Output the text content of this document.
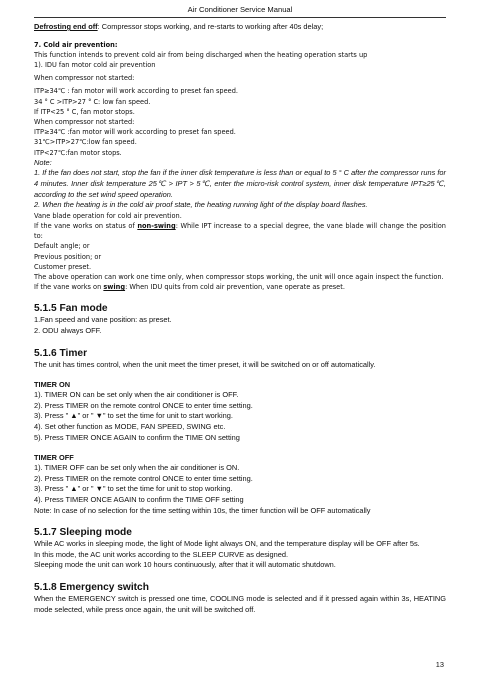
Air Conditioner Service Manual
Defrosting end off: Compressor stops working, and re-starts to working after 40s delay;
7. Cold air prevention:
This function intends to prevent cold air from being discharged when the heating operation starts up
1). IDU fan motor cold air prevention
When compressor not started:
ITP≥34℃ : fan motor will work according to preset fan speed.
34 ° C >ITP>27 ° C: low fan speed.
If ITP<25 ° C, fan motor stops.
When compressor not started:
ITP≥34℃ :fan motor will work according to preset fan speed.
31℃>ITP>27℃:low fan speed.
ITP<27℃:fan motor stops.
Note:
1. If the fan does not start, stop the fan if the inner disk temperature is less than or equal to 5 ° C after the compressor runs for 4 minutes. Inner disk temperature 25℃ > IPT > 5℃, enter the micro-risk control system, inner disk temperature IPT≥25℃, according to the set wind speed operation.
2. When the heating is in the cold air proof state, the heating running light of the display board flashes.
Vane blade operation for cold air prevention.
If the vane works on status of non-swing: While IPT increase to a special degree, the vane blade will change the position to:
Default angle; or
Previous position; or
Customer preset.
The above operation can work one time only, when compressor stops working, the unit will once again inspect the function.
If the vane works on swing: When IDU quits from cold air prevention, vane operate as preset.
5.1.5 Fan mode
1.Fan speed and vane position: as preset.
2. ODU always OFF.
5.1.6 Timer
The unit has times control, when the unit meet the timer preset, it will be switched on or off automatically.
TIMER ON
1). TIMER ON can be set only when the air conditioner is OFF.
2). Press TIMER on the remote control ONCE to enter time setting.
3). Press " ▲" or " ▼" to set the time for unit to start working.
4). Set other function as MODE, FAN SPEED, SWING etc.
5). Press TIMER ONCE AGAIN to confirm the TIME ON setting
TIMER OFF
1). TIMER OFF can be set only when the air conditioner is ON.
2). Press TIMER on the remote control ONCE to enter time setting.
3). Press " ▲" or " ▼" to set the time for unit to stop working.
4). Press TIMER ONCE AGAIN to confirm the TIME OFF setting
Note: In case of no selection for the time setting within 10s, the timer function will be OFF automatically
5.1.7 Sleeping mode
While AC works in sleeping mode, the light of Mode light always ON, and the temperature display will be OFF after 5s.
In this mode, the AC unit works according to the SLEEP CURVE as designed.
Sleeping mode the unit can work 10 hours continuously, after that it will automatic shutdown.
5.1.8 Emergency switch
When the EMERGENCY switch is pressed one time, COOLING mode is selected and if it pressed again within 3s, HEATING mode selected, while press once again, the unit will be switched off.
13
